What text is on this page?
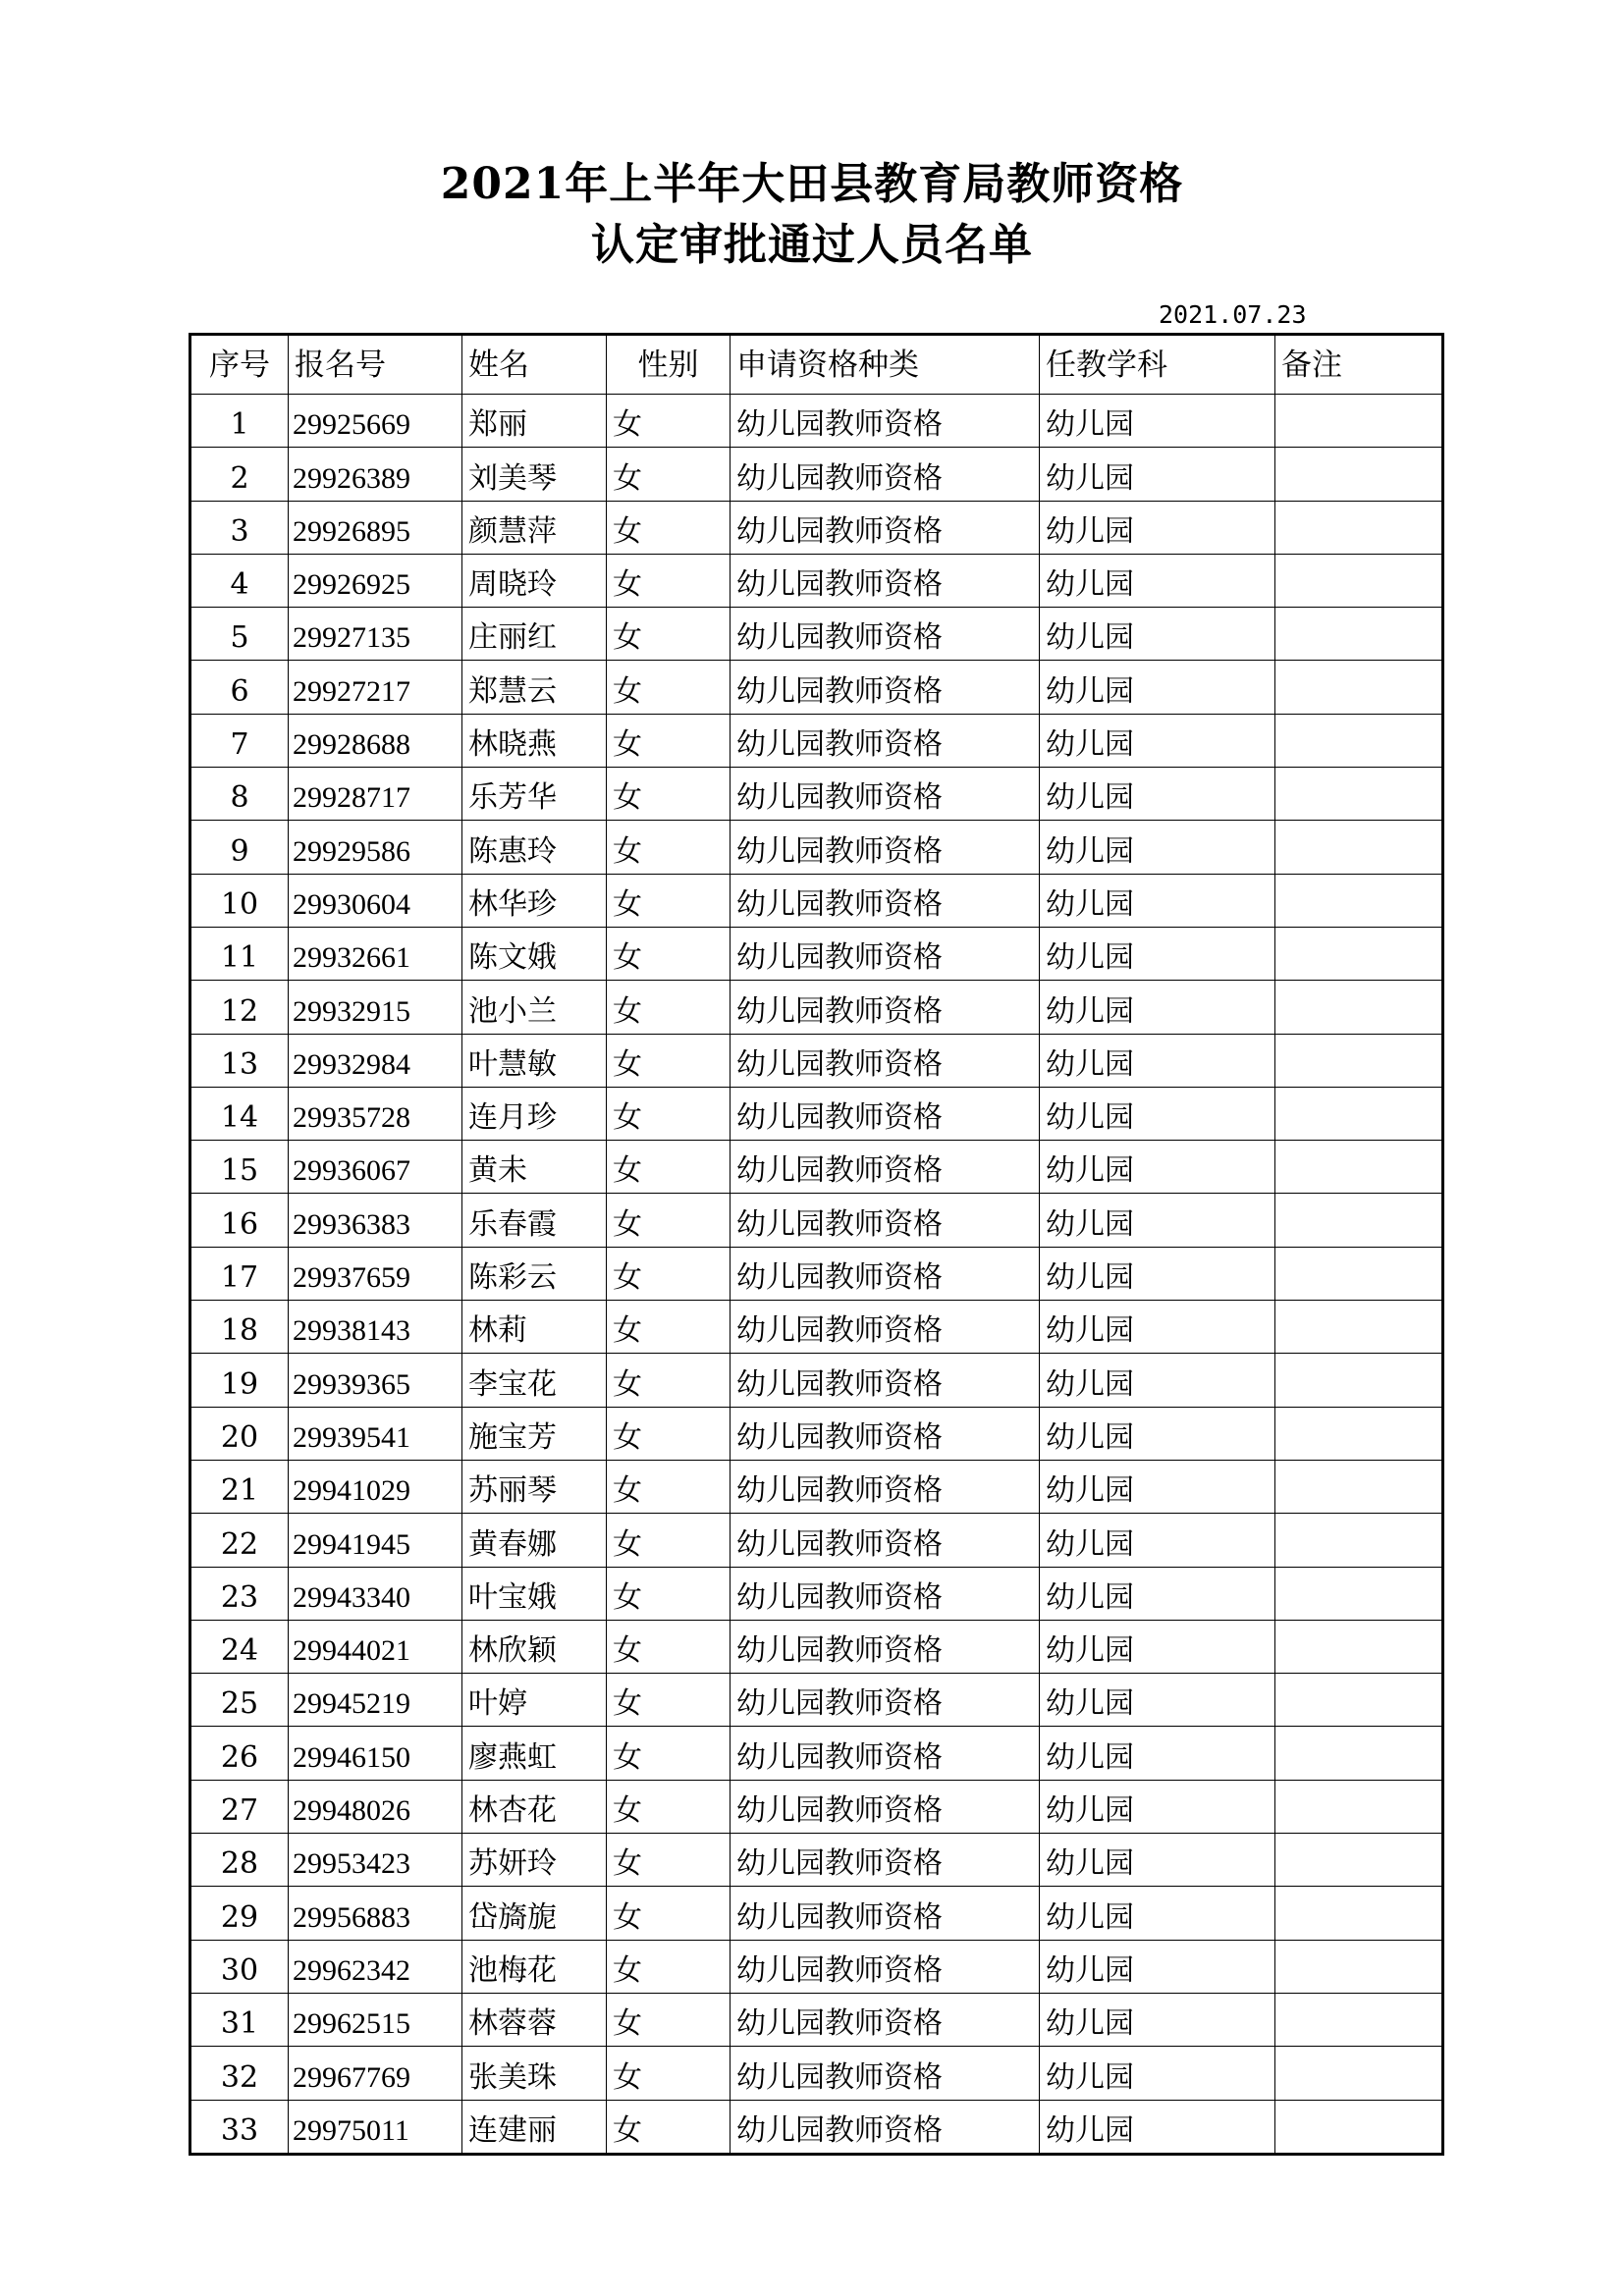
2021年上半年大田县教育局教师资格
认定审批通过人员名单
2021.07.23
序号	报名号	姓名	性别	申请资格种类	任教学科	备注
1	29925669	郑丽	女	幼儿园教师资格	幼儿园	
2	29926389	刘美琴	女	幼儿园教师资格	幼儿园	
3	29926895	颜慧萍	女	幼儿园教师资格	幼儿园	
4	29926925	周晓玲	女	幼儿园教师资格	幼儿园	
5	29927135	庄丽红	女	幼儿园教师资格	幼儿园	
6	29927217	郑慧云	女	幼儿园教师资格	幼儿园	
7	29928688	林晓燕	女	幼儿园教师资格	幼儿园	
8	29928717	乐芳华	女	幼儿园教师资格	幼儿园	
9	29929586	陈惠玲	女	幼儿园教师资格	幼儿园	
10	29930604	林华珍	女	幼儿园教师资格	幼儿园	
11	29932661	陈文娥	女	幼儿园教师资格	幼儿园	
12	29932915	池小兰	女	幼儿园教师资格	幼儿园	
13	29932984	叶慧敏	女	幼儿园教师资格	幼儿园	
14	29935728	连月珍	女	幼儿园教师资格	幼儿园	
15	29936067	黄未	女	幼儿园教师资格	幼儿园	
16	29936383	乐春霞	女	幼儿园教师资格	幼儿园	
17	29937659	陈彩云	女	幼儿园教师资格	幼儿园	
18	29938143	林莉	女	幼儿园教师资格	幼儿园	
19	29939365	李宝花	女	幼儿园教师资格	幼儿园	
20	29939541	施宝芳	女	幼儿园教师资格	幼儿园	
21	29941029	苏丽琴	女	幼儿园教师资格	幼儿园	
22	29941945	黄春娜	女	幼儿园教师资格	幼儿园	
23	29943340	叶宝娥	女	幼儿园教师资格	幼儿园	
24	29944021	林欣颖	女	幼儿园教师资格	幼儿园	
25	29945219	叶婷	女	幼儿园教师资格	幼儿园	
26	29946150	廖燕虹	女	幼儿园教师资格	幼儿园	
27	29948026	林杏花	女	幼儿园教师资格	幼儿园	
28	29953423	苏妍玲	女	幼儿园教师资格	幼儿园	
29	29956883	岱旖旎	女	幼儿园教师资格	幼儿园	
30	29962342	池梅花	女	幼儿园教师资格	幼儿园	
31	29962515	林蓉蓉	女	幼儿园教师资格	幼儿园	
32	29967769	张美珠	女	幼儿园教师资格	幼儿园	
33	29975011	连建丽	女	幼儿园教师资格	幼儿园	
